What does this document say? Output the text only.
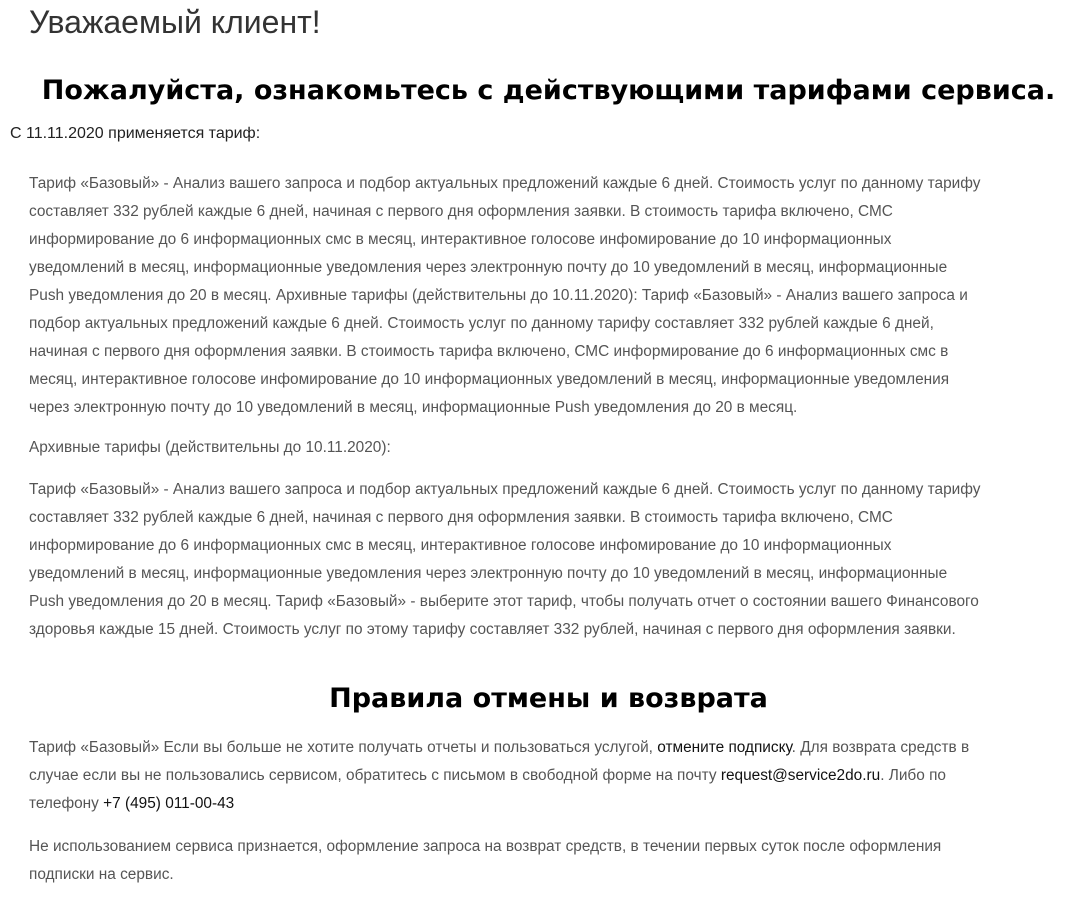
Уважаемый клиент!
Пожалуйста, ознакомьтесь с действующими тарифами сервиса.

С 11.11.2020 применяется тариф:

Тариф «Базовый» - Анализ вашего запроса и подбор актуальных предложений каждые 6 дней. Стоимость услуг по данному тарифу
составляет 332 рублей каждые 6 дней, начиная с первого дня оформления заявки. В стоимость тарифа включено, СМС
информирование до 6 информационных смс в месяц, интерактивное голосове инфомирование до 10 информационных
уведомлений в месяц, информационные уведомления через электронную почту до 10 уведомлений в месяц, информационные
Push уведомления до 20 в месяц. Архивные тарифы (действительны до 10.11.2020): Тариф «Базовый» - Анализ вашего запроса и
подбор актуальных предложений каждые 6 дней. Стоимость услуг по данному тарифу составляет 332 рублей каждые 6 дней,
начиная с первого дня оформления заявки. В стоимость тарифа включено, СМС информирование до 6 информационных смс в
месяц, интерактивное голосове инфомирование до 10 информационных уведомлений в месяц, информационные уведомления
через электронную почту до 10 уведомлений в месяц, информационные Push уведомления до 20 в месяц.

Архивные тарифы (действительны до 10.11.2020):

Тариф «Базовый» - Анализ вашего запроса и подбор актуальных предложений каждые 6 дней. Стоимость услуг по данному тарифу
составляет 332 рублей каждые 6 дней, начиная с первого дня оформления заявки. В стоимость тарифа включено, СМС
информирование до 6 информационных смс в месяц, интерактивное голосове инфомирование до 10 информационных
уведомлений в месяц, информационные уведомления через электронную почту до 10 уведомлений в месяц, информационные
Push уведомления до 20 в месяц. Тариф «Базовый» - выберите этот тариф, чтобы получать отчет о состоянии вашего Финансового
здоровья каждые 15 дней. Стоимость услуг по этому тарифу составляет 332 рублей, начиная с первого дня оформления заявки.

Правила отмены и возврата

Тариф «Базовый» Если вы больше не хотите получать отчеты и пользоваться услугой, отмените подписку. Для возврата средств в
случае если вы не пользовались сервисом, обратитесь с письмом в свободной форме на почту request@service2do.ru. Либо по
телефону +7 (495) 011-00-43

Не использованием сервиса признается, оформление запроса на возврат средств, в течении первых суток после оформления
подписки на сервис.
